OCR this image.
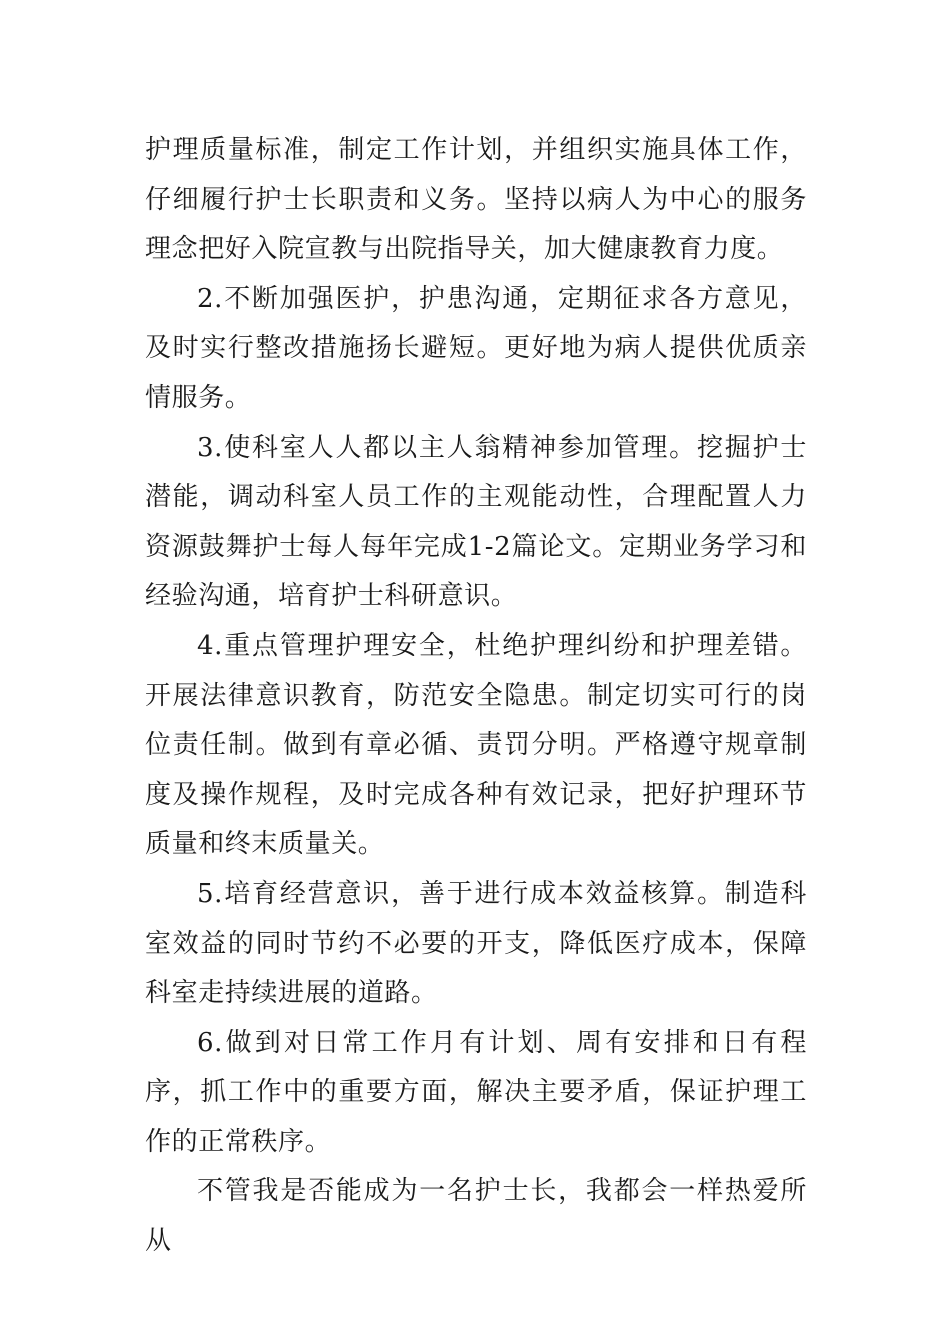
护理质量标准，制定工作计划，并组织实施具体工作，仔细履行护士长职责和义务。坚持以病人为中心的服务理念把好入院宣教与出院指导关，加大健康教育力度。

2.不断加强医护，护患沟通，定期征求各方意见，及时实行整改措施扬长避短。更好地为病人提供优质亲情服务。

3.使科室人人都以主人翁精神参加管理。挖掘护士潜能，调动科室人员工作的主观能动性，合理配置人力资源鼓舞护士每人每年完成1-2篇论文。定期业务学习和经验沟通，培育护士科研意识。

4.重点管理护理安全，杜绝护理纠纷和护理差错。开展法律意识教育，防范安全隐患。制定切实可行的岗位责任制。做到有章必循、责罚分明。严格遵守规章制度及操作规程，及时完成各种有效记录，把好护理环节质量和终末质量关。

5.培育经营意识，善于进行成本效益核算。制造科室效益的同时节约不必要的开支，降低医疗成本，保障科室走持续进展的道路。

6.做到对日常工作月有计划、周有安排和日有程序，抓工作中的重要方面，解决主要矛盾，保证护理工作的正常秩序。

不管我是否能成为一名护士长，我都会一样热爱所从
